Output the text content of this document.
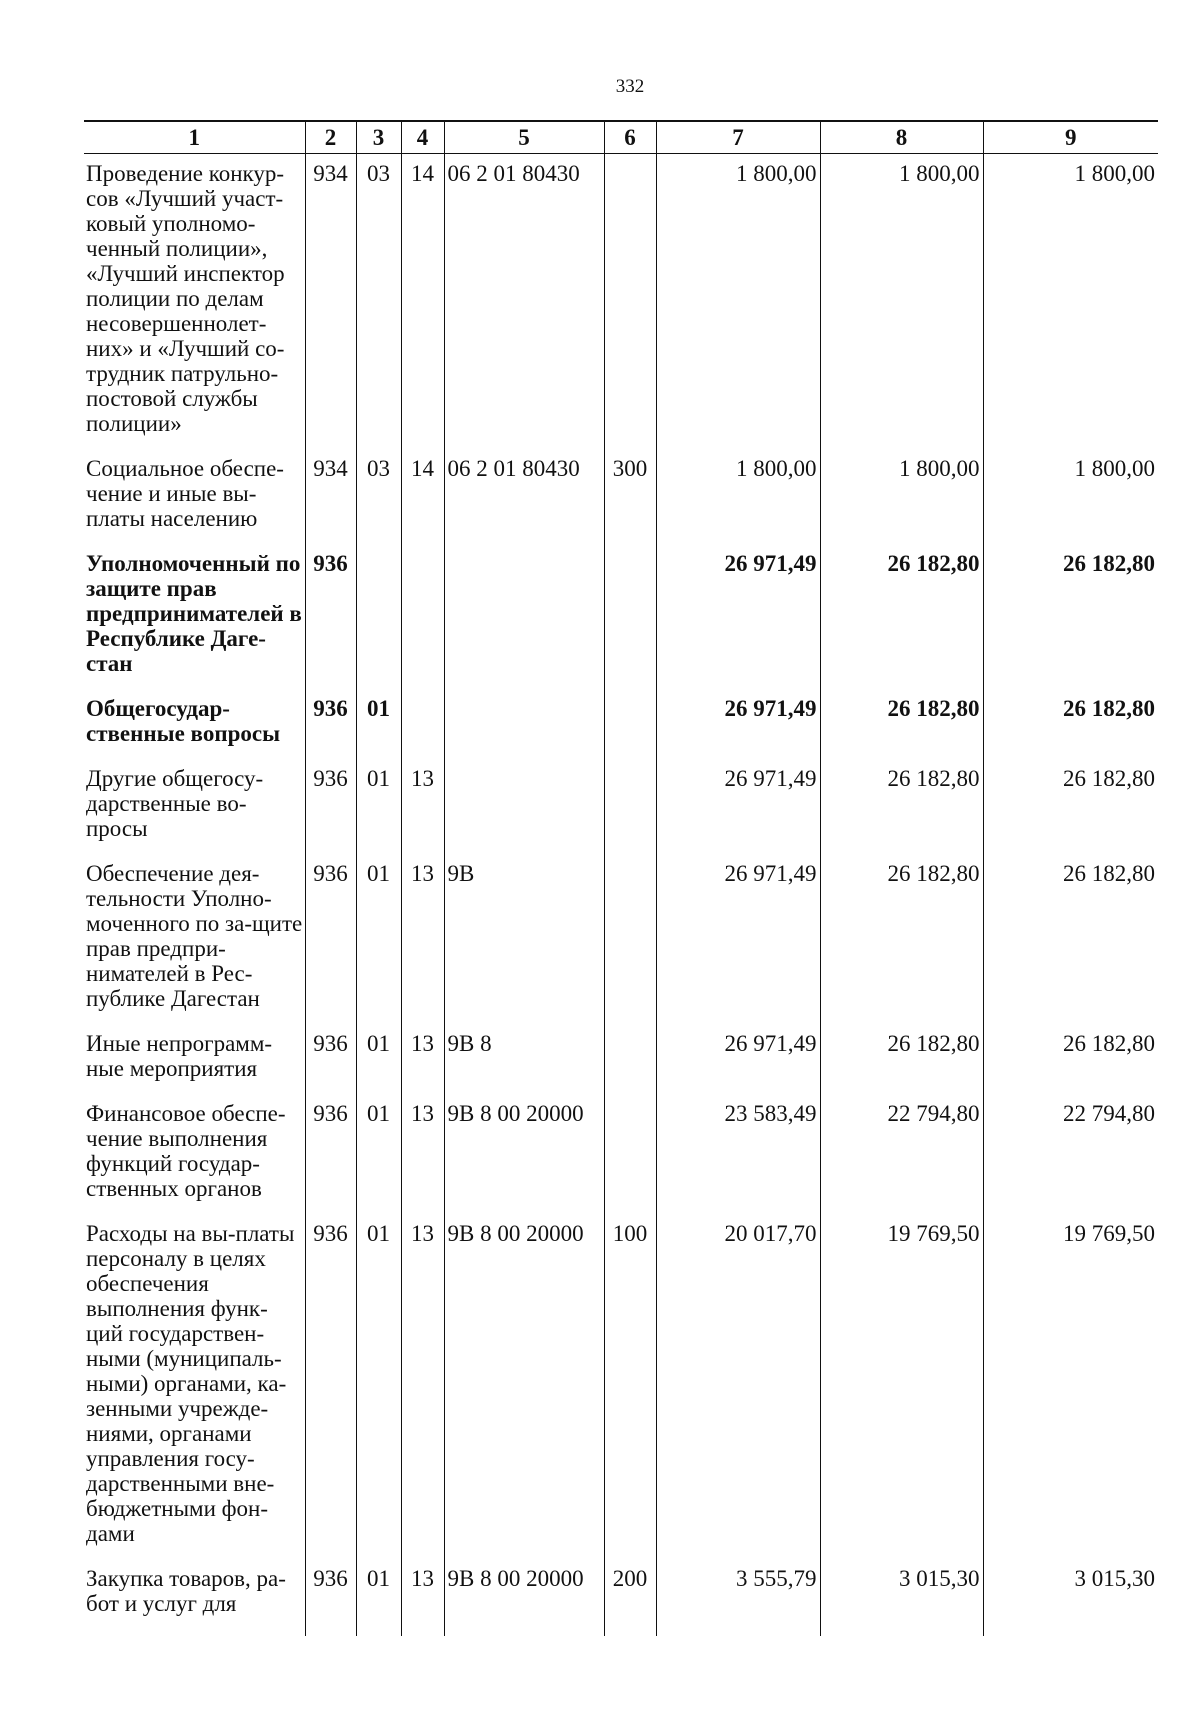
332
1	2	3	4	5	6	7	8	9
Проведение конкур-сов «Лучший участ-ковый уполномо-ченный полиции», «Лучший инспектор полиции по делам несовершеннолет-них» и «Лучший со-трудник патрульно-постовой службы полиции»	934	03	14	06 2 01 80430		1 800,00	1 800,00	1 800,00
Социальное обеспе-чение и иные вы-платы населению	934	03	14	06 2 01 80430	300	1 800,00	1 800,00	1 800,00
Уполномоченный по защите прав предпринимателей в Республике Даге-стан	936					26 971,49	26 182,80	26 182,80
Общегосудар-ственные вопросы	936	01				26 971,49	26 182,80	26 182,80
Другие общегосу-дарственные во-просы	936	01	13			26 971,49	26 182,80	26 182,80
Обеспечение дея-тельности Уполно-моченного по за-щите прав предпри-нимателей в Рес-публике Дагестан	936	01	13	9В		26 971,49	26 182,80	26 182,80
Иные непрограмм-ные мероприятия	936	01	13	9В 8		26 971,49	26 182,80	26 182,80
Финансовое обеспе-чение выполнения функций государ-ственных органов	936	01	13	9В 8 00 20000		23 583,49	22 794,80	22 794,80
Расходы на вы-платы персоналу в целях обеспечения выполнения функ-ций государствен-ными (муниципаль-ными) органами, ка-зенными учрежде-ниями, органами управления госу-дарственными вне-бюджетными фон-дами	936	01	13	9В 8 00 20000	100	20 017,70	19 769,50	19 769,50
Закупка товаров, ра-бот и услуг для	936	01	13	9В 8 00 20000	200	3 555,79	3 015,30	3 015,30
